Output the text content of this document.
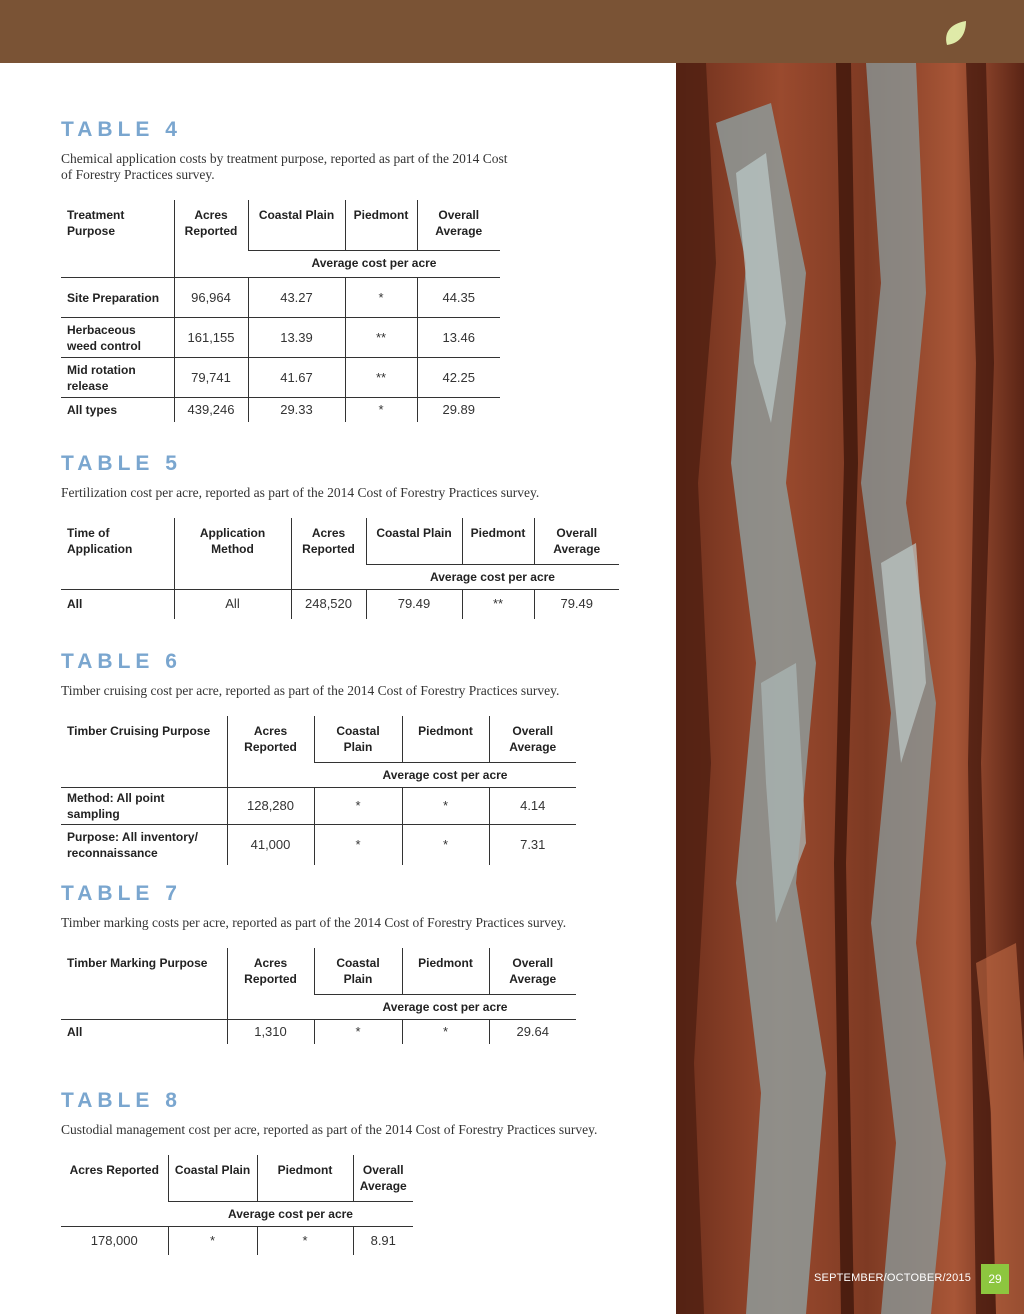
TABLE 4
Chemical application costs by treatment purpose, reported as part of the 2014 Cost of Forestry Practices survey.
Treatment Purpose	Acres Reported	Coastal Plain	Piedmont	Overall Average
		Average cost per acre		
Site Preparation	96,964	43.27	*	44.35
Herbaceous weed control	161,155	13.39	**	13.46
Mid rotation release	79,741	41.67	**	42.25
All types	439,246	29.33	*	29.89
TABLE 5
Fertilization cost per acre, reported as part of the 2014 Cost of Forestry Practices survey.
Time of Application	Application Method	Acres Reported	Coastal Plain	Piedmont	Overall Average
			Average cost per acre		
All	All	248,520	79.49	**	79.49
TABLE 6
Timber cruising cost per acre, reported as part of the 2014 Cost of Forestry Practices survey.
Timber Cruising Purpose	Acres Reported	Coastal Plain	Piedmont	Overall Average
		Average cost per acre		
Method: All point sampling	128,280	*	*	4.14
Purpose: All inventory/ reconnaissance	41,000	*	*	7.31
TABLE 7
Timber marking costs per acre, reported as part of the 2014 Cost of Forestry Practices survey.
Timber Marking Purpose	Acres Reported	Coastal Plain	Piedmont	Overall Average
		Average cost per acre		
All	1,310	*	*	29.64
TABLE 8
Custodial management cost per acre, reported as part of the 2014 Cost of Forestry Practices survey.
Acres Reported	Coastal Plain	Piedmont	Overall Average
	Average cost per acre		
178,000	*	*	8.91
SEPTEMBER/OCTOBER/2015	29
